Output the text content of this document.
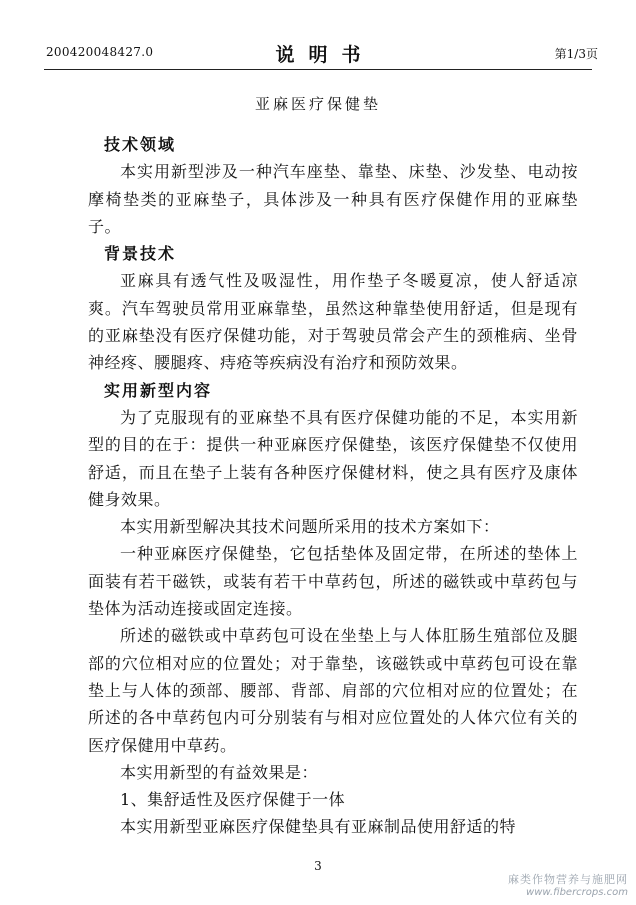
200420048427.0	说明书	第1/3页
亚麻医疗保健垫
技术领域
本实用新型涉及一种汽车座垫、靠垫、床垫、沙发垫、电动按摩椅垫类的亚麻垫子，具体涉及一种具有医疗保健作用的亚麻垫子。
背景技术
亚麻具有透气性及吸湿性，用作垫子冬暖夏凉，使人舒适凉爽。汽车驾驶员常用亚麻靠垫，虽然这种靠垫使用舒适，但是现有的亚麻垫没有医疗保健功能，对于驾驶员常会产生的颈椎病、坐骨神经疼、腰腿疼、痔疮等疾病没有治疗和预防效果。
实用新型内容
为了克服现有的亚麻垫不具有医疗保健功能的不足，本实用新型的目的在于：提供一种亚麻医疗保健垫，该医疗保健垫不仅使用舒适，而且在垫子上装有各种医疗保健材料，使之具有医疗及康体健身效果。
本实用新型解决其技术问题所采用的技术方案如下：
一种亚麻医疗保健垫，它包括垫体及固定带，在所述的垫体上面装有若干磁铁，或装有若干中草药包，所述的磁铁或中草药包与垫体为活动连接或固定连接。
所述的磁铁或中草药包可设在坐垫上与人体肛肠生殖部位及腿部的穴位相对应的位置处；对于靠垫，该磁铁或中草药包可设在靠垫上与人体的颈部、腰部、背部、肩部的穴位相对应的位置处；在所述的各中草药包内可分别装有与相对应位置处的人体穴位有关的医疗保健用中草药。
本实用新型的有益效果是：
1、集舒适性及医疗保健于一体
本实用新型亚麻医疗保健垫具有亚麻制品使用舒适的特
3
麻类作物营养与施肥网
www.fibercrops.com
